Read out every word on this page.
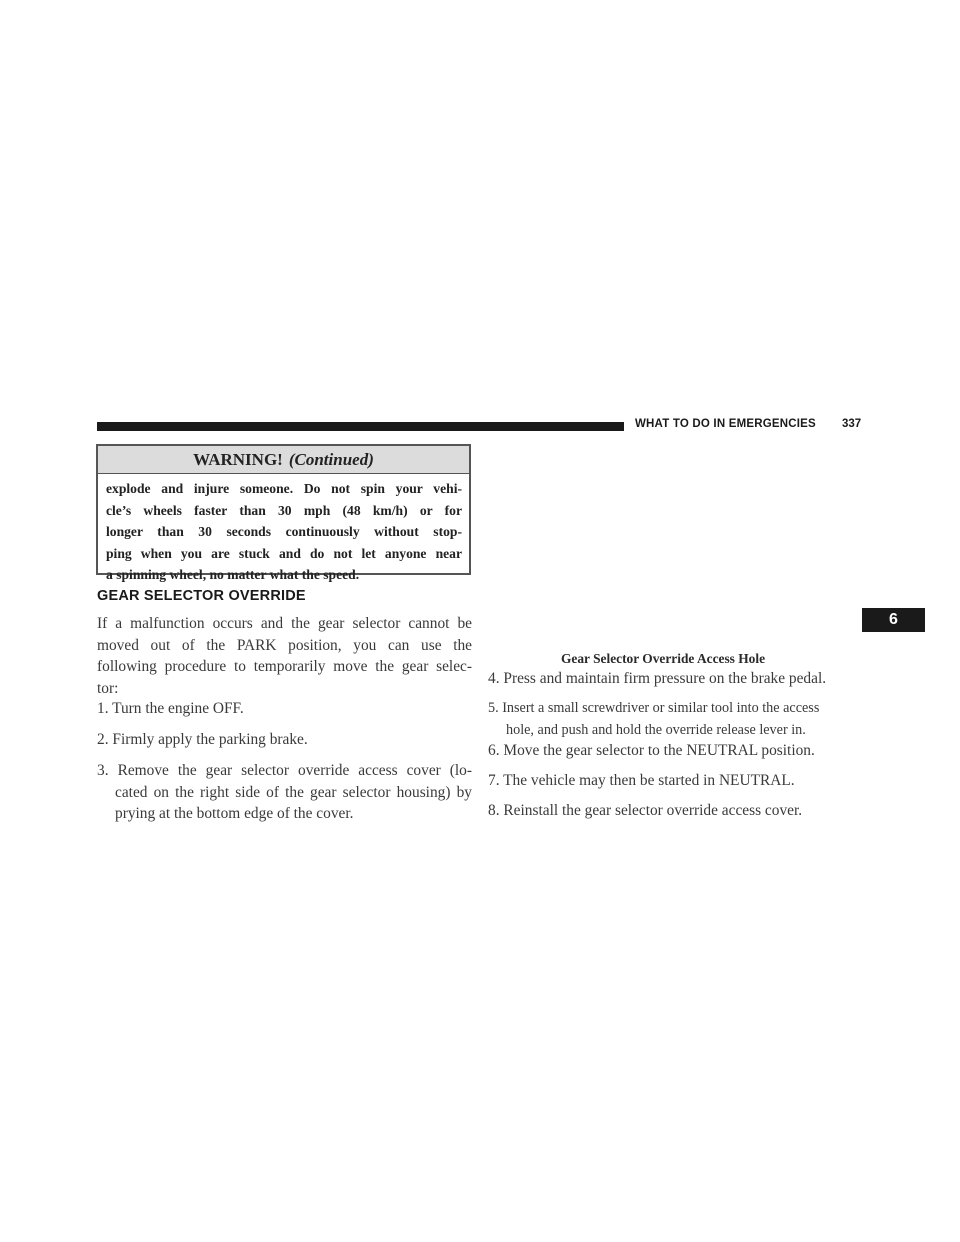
WHAT TO DO IN EMERGENCIES 337
WARNING! (Continued)
explode and injure someone. Do not spin your vehi-
cle’s wheels faster than 30 mph (48 km/h) or for
longer than 30 seconds continuously without stop-
ping when you are stuck and do not let anyone near
a spinning wheel, no matter what the speed.
GEAR SELECTOR OVERRIDE
If a malfunction occurs and the gear selector cannot be
moved out of the PARK position, you can use the
following procedure to temporarily move the gear selec-
tor:
1. Turn the engine OFF.
2. Firmly apply the parking brake.
3. Remove the gear selector override access cover (lo-
cated on the right side of the gear selector housing) by
prying at the bottom edge of the cover.
Gear Selector Override Access Hole
4. Press and maintain firm pressure on the brake pedal.
5. Insert a small screwdriver or similar tool into the access
hole, and push and hold the override release lever in.
6. Move the gear selector to the NEUTRAL position.
7. The vehicle may then be started in NEUTRAL.
8. Reinstall the gear selector override access cover.
6
